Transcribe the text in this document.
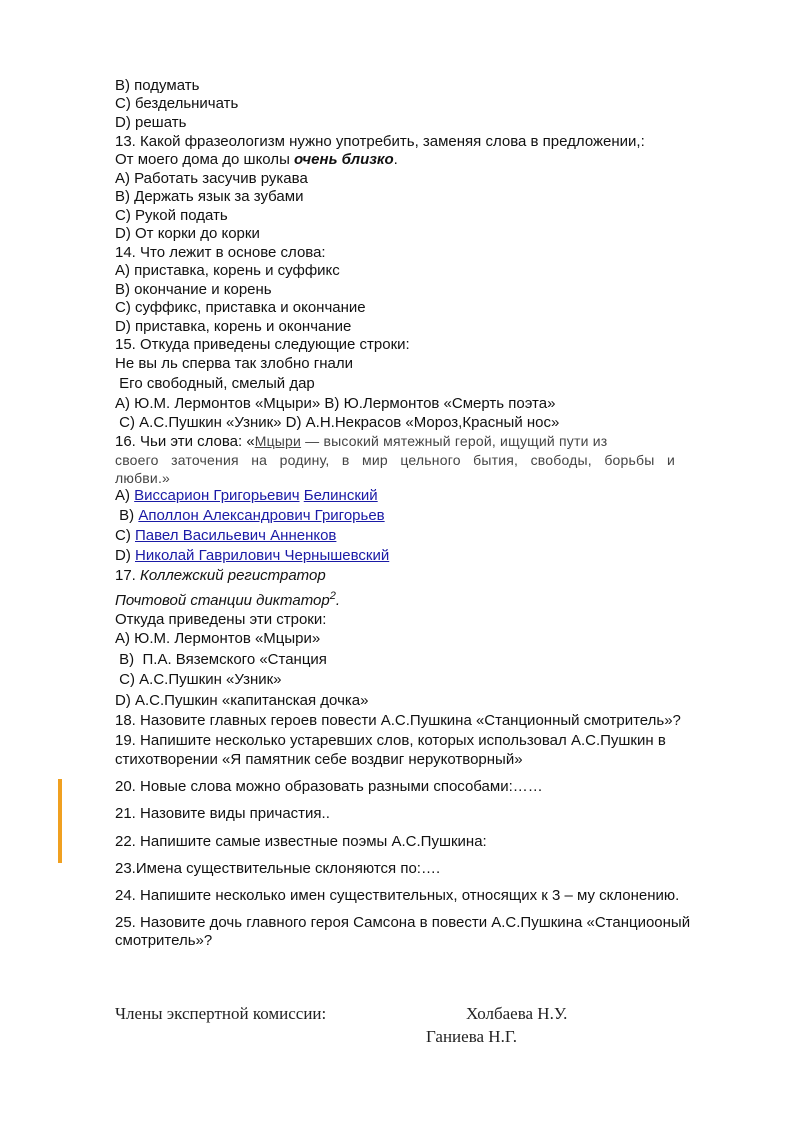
B) подумать
C) бездельничать
D) решать
13. Какой фразеологизм нужно употребить, заменяя слова в предложении,:
От моего дома до школы очень близко.
A) Работать засучив рукава
B) Держать язык за зубами
C) Рукой подать
D) От корки до корки
14. Что лежит в основе слова:
A) приставка, корень и суффикс
B) окончание и корень
C) суффикс, приставка и окончание
D) приставка, корень и окончание
15. Откуда приведены следующие строки:
Не вы ль сперва так злобно гнали
Его свободный, смелый дар
A) Ю.М. Лермонтов «Мцыри» B) Ю.Лермонтов «Смерть поэта»
C) А.С.Пушкин «Узник» D) А.Н.Некрасов «Мороз,Красный нос»
16. Чьи эти слова: «Мцыри — высокий мятежный герой, ищущий пути из
своего заточения на родину, в мир цельного бытия, свободы, борьбы и
любви.»
A) Виссарион Григорьевич Белинский
B) Аполлон Александрович Григорьев
C) Павел Васильевич Анненков
D) Николай Гаврилович Чернышевский
17. Коллежский регистратор
Почтовой станции диктатор$^2$.
Откуда приведены эти строки:
A) Ю.М. Лермонтов «Мцыри»
B)  П.А. Вяземского «Станция
C) А.С.Пушкин «Узник»
D) А.С.Пушкин «капитанская дочка»
18. Назовите главных героев повести А.С.Пушкина «Станционный смотритель»?
19. Напишите несколько устаревших слов, которых использовал А.С.Пушкин в
стихотворении «Я памятник себе воздвиг нерукотворный»
20. Новые слова можно образовать разными способами:……
21. Назовите виды причастия..
22. Напишите самые известные поэмы А.С.Пушкина:
23.Имена существительные склоняются по:….
24. Напишите несколько имен существительных, относящих к 3 – му склонению.
25. Назовите дочь главного героя Самсона в повести А.С.Пушкина «Станциооный
смотритель»?
Члены экспертной комиссии:	Холбаева Н.У.
Ганиева Н.Г.
